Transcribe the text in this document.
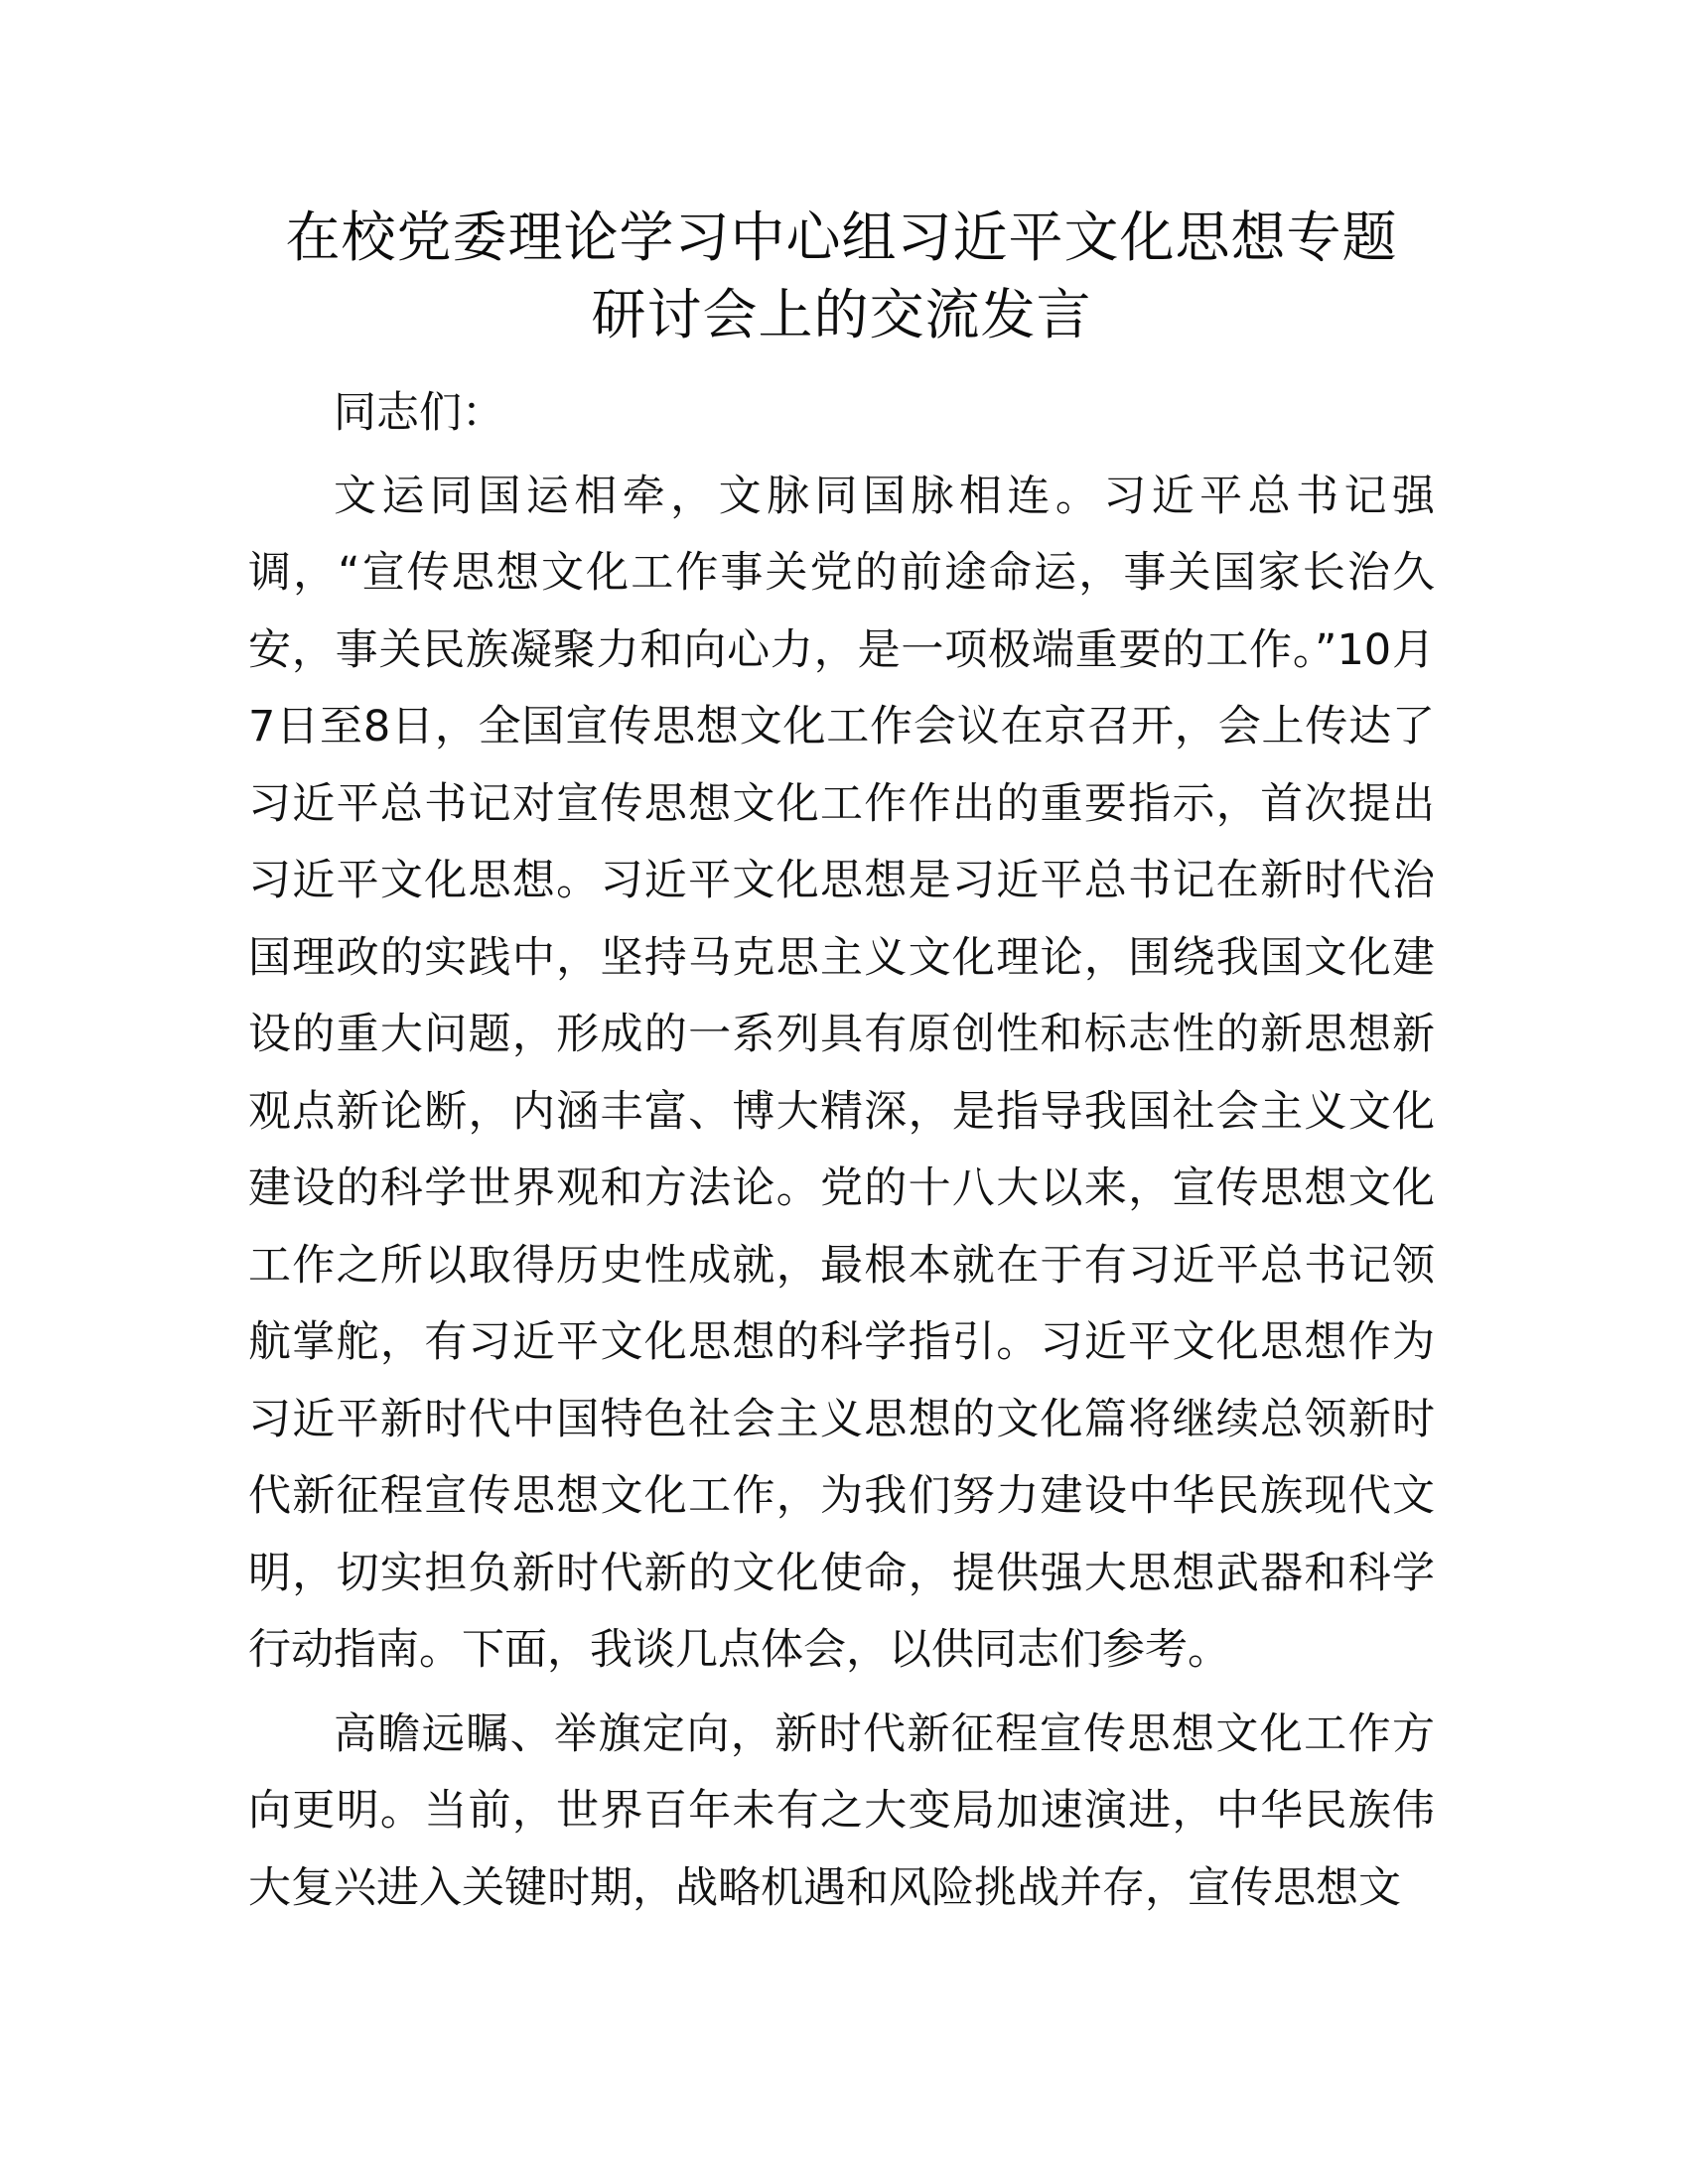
在校党委理论学习中心组习近平文化思想专题
研讨会上的交流发言

同志们：

文运同国运相牵，文脉同国脉相连。习近平总书记强调，“宣传思想文化工作事关党的前途命运，事关国家长治久安，事关民族凝聚力和向心力，是一项极端重要的工作。”10月7日至8日，全国宣传思想文化工作会议在京召开，会上传达了习近平总书记对宣传思想文化工作作出的重要指示，首次提出习近平文化思想。习近平文化思想是习近平总书记在新时代治国理政的实践中，坚持马克思主义文化理论，围绕我国文化建设的重大问题，形成的一系列具有原创性和标志性的新思想新观点新论断，内涵丰富、博大精深，是指导我国社会主义文化建设的科学世界观和方法论。党的十八大以来，宣传思想文化工作之所以取得历史性成就，最根本就在于有习近平总书记领航掌舵，有习近平文化思想的科学指引。习近平文化思想作为习近平新时代中国特色社会主义思想的文化篇将继续总领新时代新征程宣传思想文化工作，为我们努力建设中华民族现代文明，切实担负新时代新的文化使命，提供强大思想武器和科学行动指南。下面，我谈几点体会，以供同志们参考。

高瞻远瞩、举旗定向，新时代新征程宣传思想文化工作方向更明。当前，世界百年未有之大变局加速演进，中华民族伟大复兴进入关键时期，战略机遇和风险挑战并存，宣传思想文
